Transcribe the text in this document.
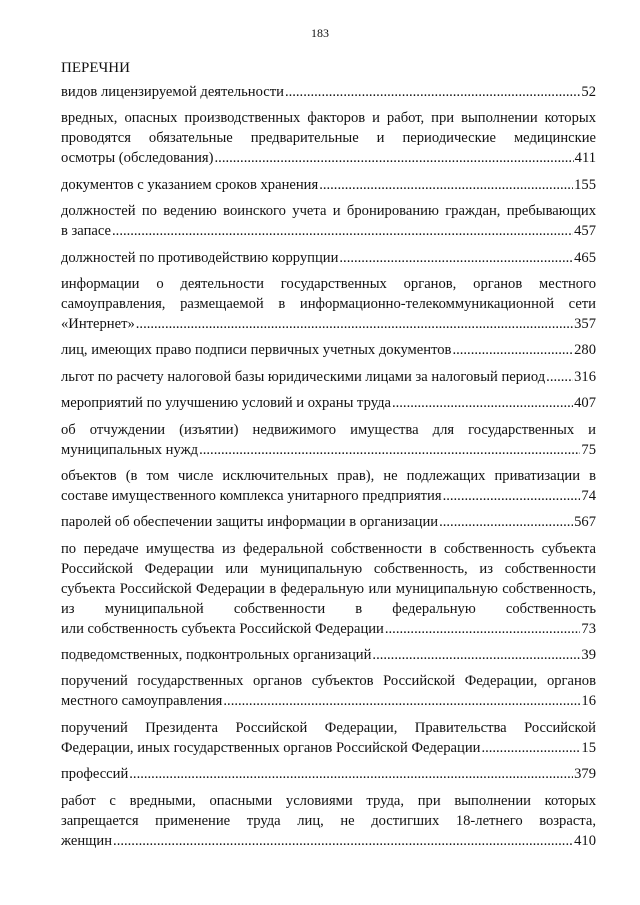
183
ПЕРЕЧНИ
видов лицензируемой деятельности .....	52
вредных, опасных производственных факторов и работ, при выполнении которых проводятся обязательные предварительные и периодические медицинские
осмотры (обследования) .....	411
документов с указанием сроков хранения .....	155
должностей по ведению воинского учета и бронированию граждан, пребывающих
в запасе .....	457
должностей по противодействию коррупции .....	465
информации о деятельности государственных органов, органов местного самоуправления, размещаемой в информационно-телекоммуникационной сети
«Интернет» .....	357
лиц, имеющих право подписи первичных учетных документов .....	280
льгот по расчету налоговой базы юридическими лицами за налоговый период ..... 316
мероприятий по улучшению условий и охраны труда .....	407
об отчуждении (изъятии) недвижимого имущества для государственных и
муниципальных нужд .....	75
объектов (в том числе исключительных прав), не подлежащих приватизации в
составе имущественного комплекса унитарного предприятия .....	74
паролей об обеспечении защиты информации в организации .....	567
по передаче имущества из федеральной собственности в собственность субъекта Российской Федерации или муниципальную собственность, из собственности субъекта Российской Федерации в федеральную или муниципальную собственность, из муниципальной собственности в федеральную собственность
или собственность субъекта Российской Федерации .....	73
подведомственных, подконтрольных организаций .....	39
поручений государственных органов субъектов Российской Федерации, органов
местного самоуправления .....	16
поручений Президента Российской Федерации, Правительства Российской
Федерации, иных государственных органов Российской Федерации .....	15
профессий .....	379
работ с вредными, опасными условиями труда, при выполнении которых запрещается применение труда лиц, не достигших 18-летнего возраста,
женщин .....	410
